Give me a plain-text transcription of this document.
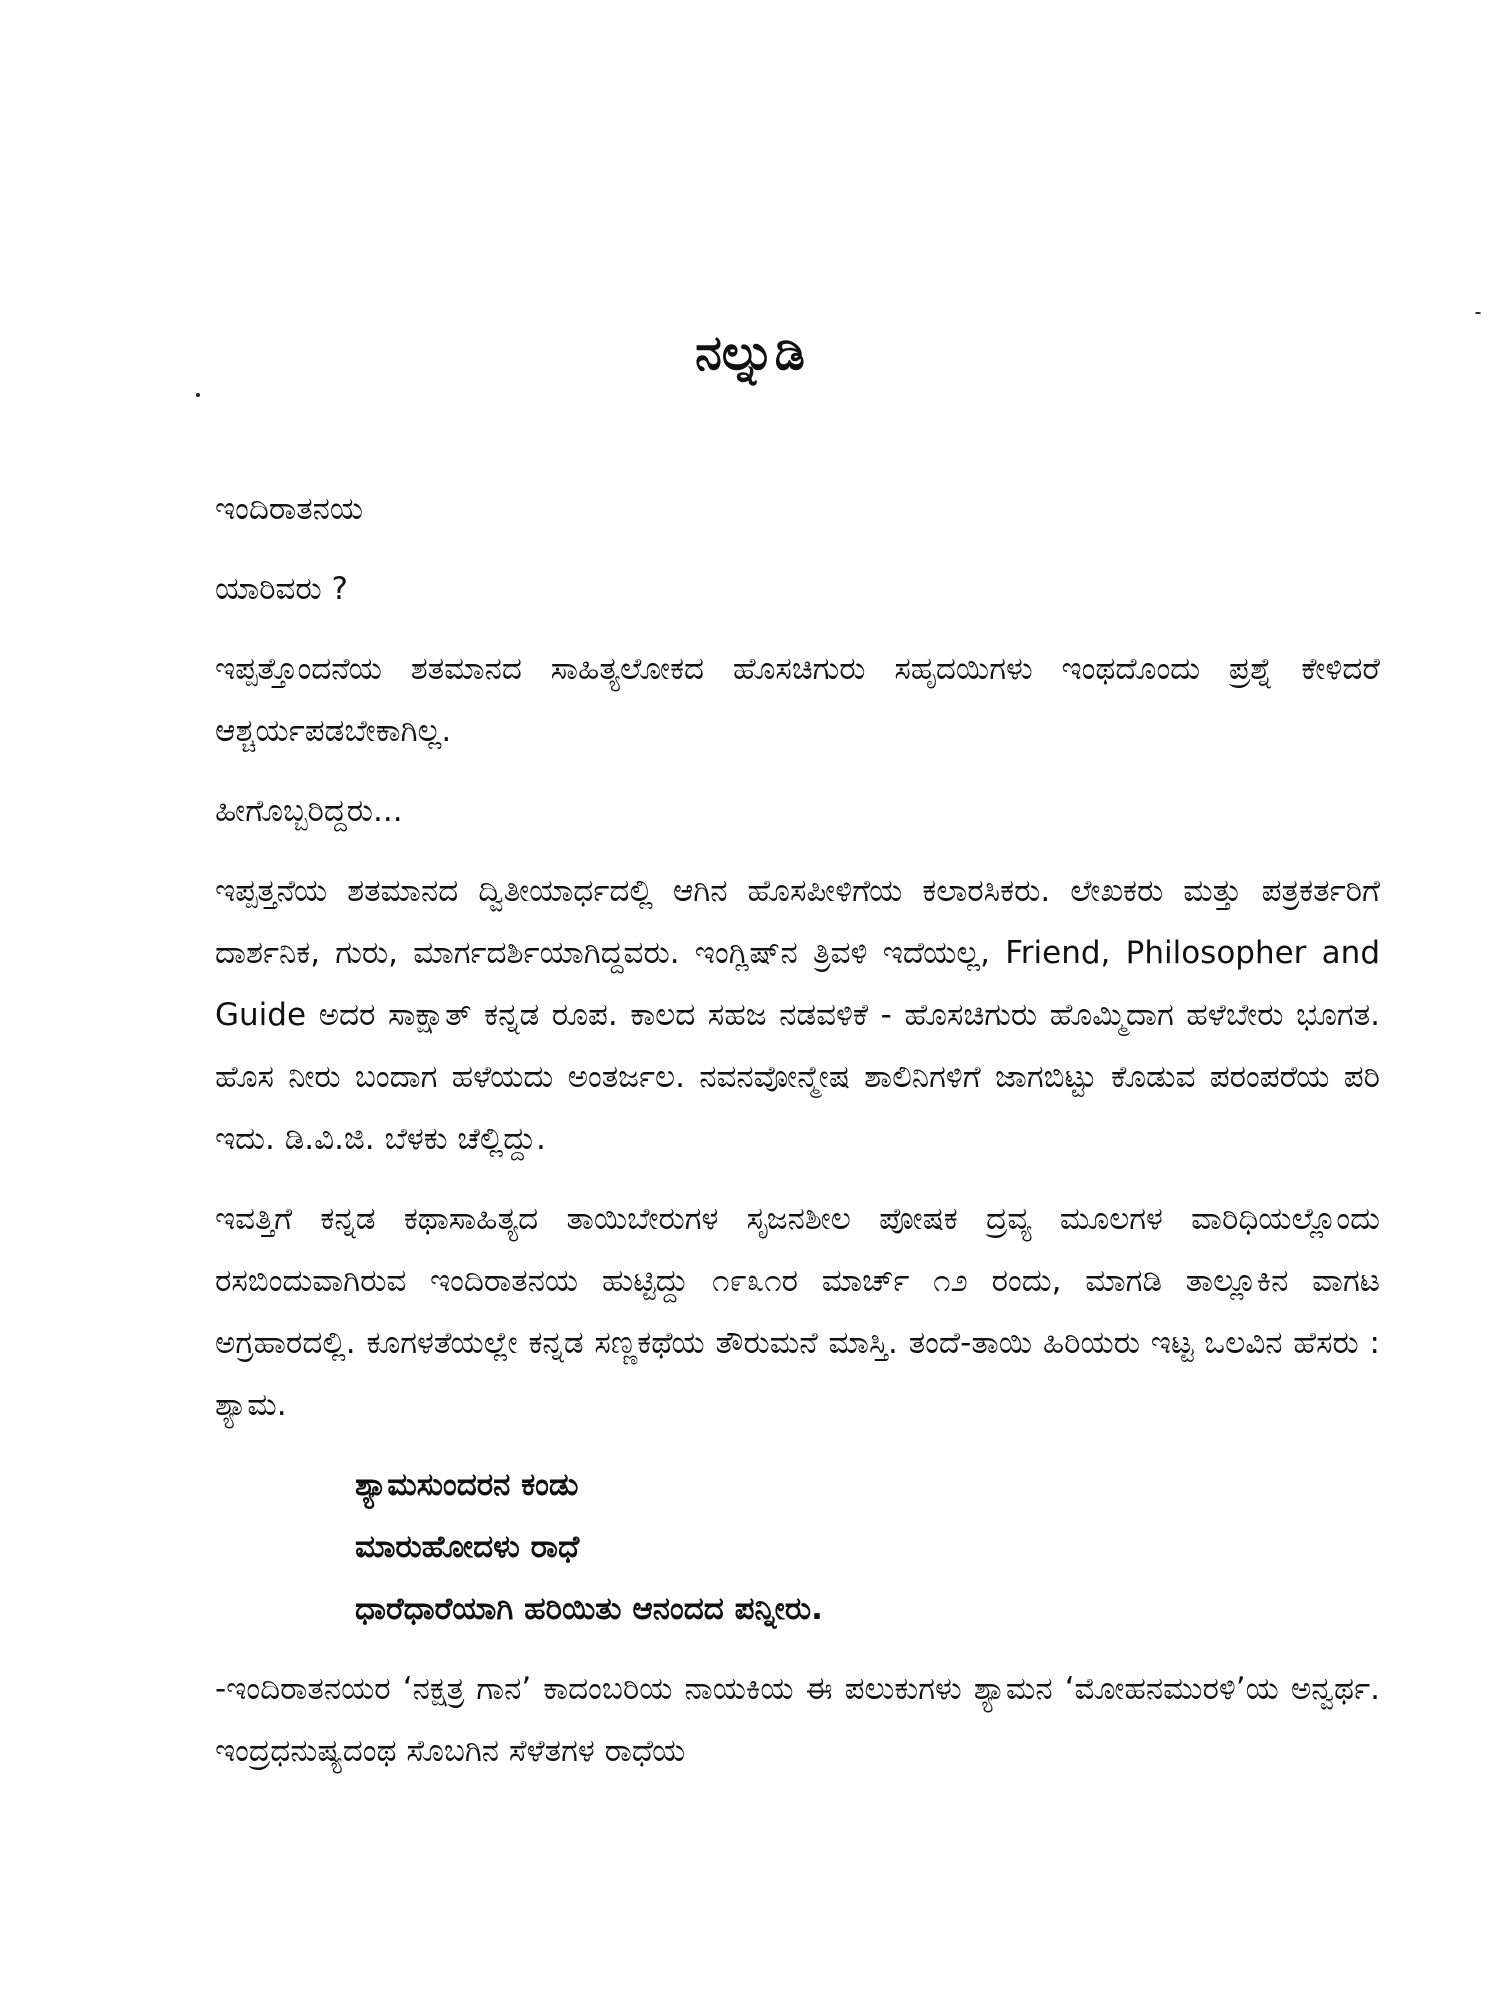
ನಲ್ನುಡಿ

ಇಂದಿರಾತನಯ

ಯಾರಿವರು ?

ಇಪ್ಪತ್ತೊಂದನೆಯ ಶತಮಾನದ ಸಾಹಿತ್ಯಲೋಕದ ಹೊಸಚಿಗುರು ಸಹೃದಯಿಗಳು ಇಂಥದೊಂದು ಪ್ರಶ್ನೆ ಕೇಳಿದರೆ ಆಶ್ಚರ್ಯಪಡಬೇಕಾಗಿಲ್ಲ.

ಹೀಗೊಬ್ಬರಿದ್ದರು...

ಇಪ್ಪತ್ತನೆಯ ಶತಮಾನದ ದ್ವಿತೀಯಾರ್ಧದಲ್ಲಿ ಆಗಿನ ಹೊಸಪೀಳಿಗೆಯ ಕಲಾರಸಿಕರು. ಲೇಖಕರು ಮತ್ತು ಪತ್ರಕರ್ತರಿಗೆ ದಾರ್ಶನಿಕ, ಗುರು, ಮಾರ್ಗದರ್ಶಿಯಾಗಿದ್ದವರು. ಇಂಗ್ಲಿಷ್‌ನ ತ್ರಿವಳಿ ಇದೆಯಲ್ಲ, Friend, Philosopher and Guide ಅದರ ಸಾಕ್ಷಾತ್ ಕನ್ನಡ ರೂಪ. ಕಾಲದ ಸಹಜ ನಡವಳಿಕೆ - ಹೊಸಚಿಗುರು ಹೊಮ್ಮಿದಾಗ ಹಳೆಬೇರು ಭೂಗತ. ಹೊಸ ನೀರು ಬಂದಾಗ ಹಳೆಯದು ಅಂತರ್ಜಲ. ನವನವೋನ್ಮೇಷ ಶಾಲಿನಿಗಳಿಗೆ ಜಾಗಬಿಟ್ಟು ಕೊಡುವ ಪರಂಪರೆಯ ಪರಿ ಇದು. ಡಿ.ವಿ.ಜಿ. ಬೆಳಕು ಚೆಲ್ಲಿದ್ದು.

ಇವತ್ತಿಗೆ ಕನ್ನಡ ಕಥಾಸಾಹಿತ್ಯದ ತಾಯಿಬೇರುಗಳ ಸೃಜನಶೀಲ ಪೋಷಕ ದ್ರವ್ಯ ಮೂಲಗಳ ವಾರಿಧಿಯಲ್ಲೊಂದು ರಸಬಿಂದುವಾಗಿರುವ ಇಂದಿರಾತನಯ ಹುಟ್ಟಿದ್ದು ೧೯೩೧ರ ಮಾರ್ಚ್ ೧೨ ರಂದು, ಮಾಗಡಿ ತಾಲ್ಲೂಕಿನ ವಾಗಟ ಅಗ್ರಹಾರದಲ್ಲಿ. ಕೂಗಳತೆಯಲ್ಲೇ ಕನ್ನಡ ಸಣ್ಣಕಥೆಯ ತೌರುಮನೆ ಮಾಸ್ತಿ. ತಂದೆ-ತಾಯಿ ಹಿರಿಯರು ಇಟ್ಟ ಒಲವಿನ ಹೆಸರು : ಶ್ಯಾಮ.

ಶ್ಯಾಮಸುಂದರನ ಕಂಡು
ಮಾರುಹೋದಳು ರಾಧೆ
ಧಾರೆಧಾರೆಯಾಗಿ ಹರಿಯಿತು ಆನಂದದ ಪನ್ನೀರು.

-ಇಂದಿರಾತನಯರ ‘ನಕ್ಷತ್ರ ಗಾನ’ ಕಾದಂಬರಿಯ ನಾಯಕಿಯ ಈ ಪಲುಕುಗಳು ಶ್ಯಾಮನ ‘ಮೋಹನಮುರಳಿ’ಯ ಅನ್ವರ್ಥ. ಇಂದ್ರಧನುಷ್ಯದಂಥ ಸೊಬಗಿನ ಸೆಳೆತಗಳ ರಾಧೆಯ
